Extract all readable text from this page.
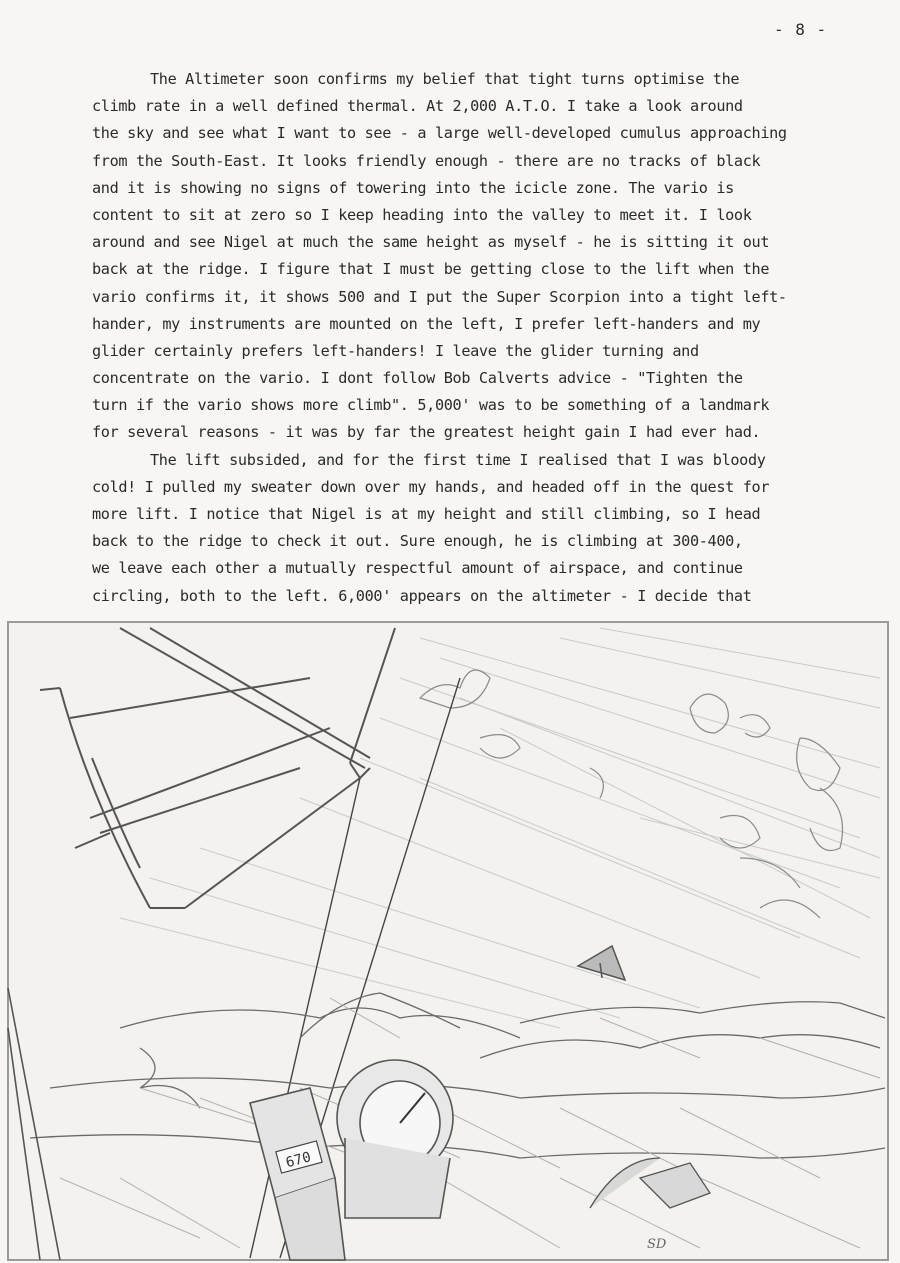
- 8 -
The Altimeter soon confirms my belief that tight turns optimise the
climb rate in a well defined thermal. At 2,000 A.T.O. I take a look around
the sky and see what I want to see - a large well-developed cumulus approaching
from the South-East. It looks friendly enough - there are no tracks of black
and it is showing no signs of towering into the icicle zone. The vario is
content to sit at zero so I keep heading into the valley to meet it. I look
around and see Nigel at much the same height as myself - he is sitting it out
back at the ridge. I figure that I must be getting close to the lift when the
vario confirms it, it shows 500 and I put the Super Scorpion into a tight left-
hander, my instruments are mounted on the left, I prefer left-handers and my
glider certainly prefers left-handers! I leave the glider turning and
concentrate on the vario. I dont follow Bob Calverts advice - "Tighten the
turn if the vario shows more climb". 5,000' was to be something of a landmark
for several reasons - it was by far the greatest height gain I had ever had.
The lift subsided, and for the first time I realised that I was bloody
cold! I pulled my sweater down over my hands, and headed off in the quest for
more lift. I notice that Nigel is at my height and still climbing, so I head
back to the ridge to check it out. Sure enough, he is climbing at 300-400,
we leave each other a mutually respectful amount of airspace, and continue
circling, both to the left. 6,000' appears on the altimeter - I decide that
670
SD
